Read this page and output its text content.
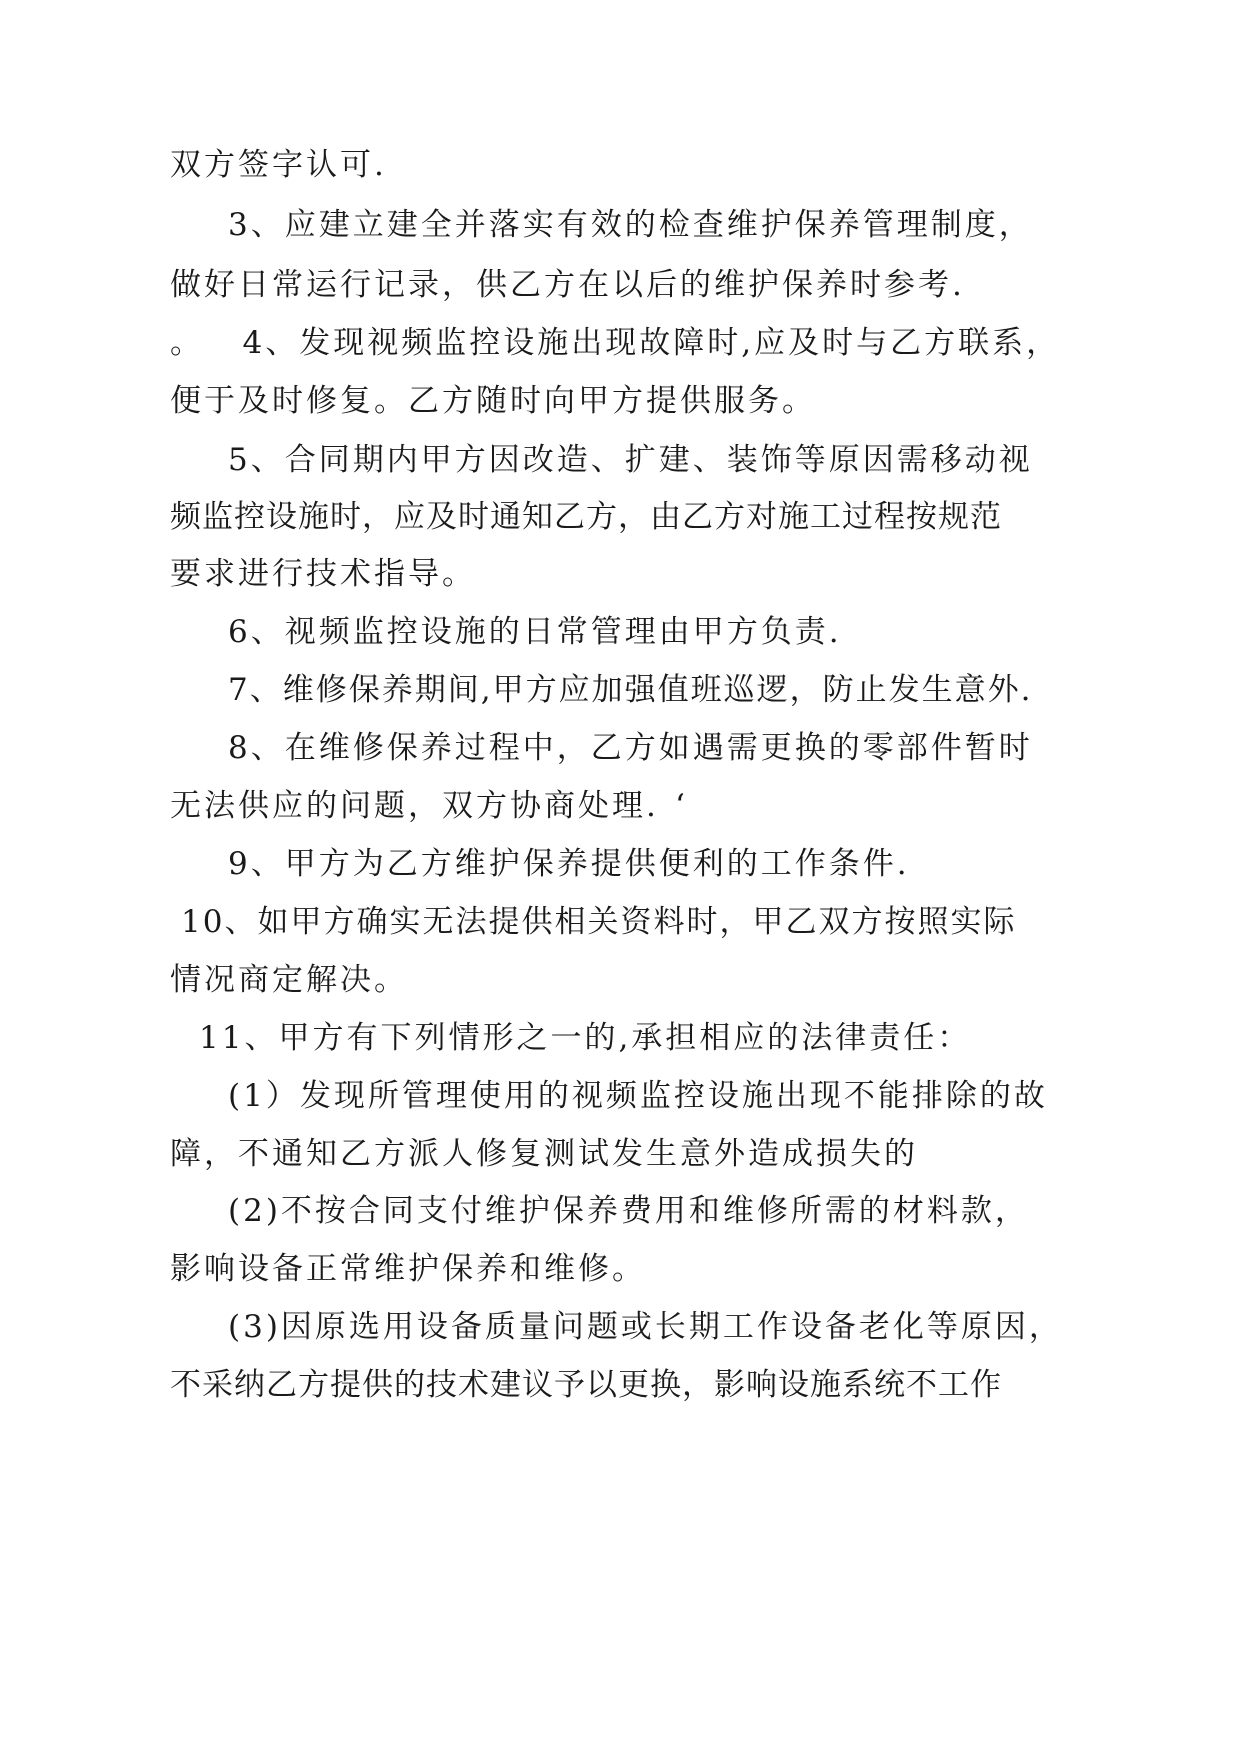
双方签字认可.

3、应建立建全并落实有效的检查维护保养管理制度，

做好日常运行记录，供乙方在以后的维护保养时参考.

。   4、发现视频监控设施出现故障时,应及时与乙方联系，

便于及时修复。乙方随时向甲方提供服务。

5、合同期内甲方因改造、扩建、装饰等原因需移动视

频监控设施时，应及时通知乙方，由乙方对施工过程按规范

要求进行技术指导。

6、视频监控设施的日常管理由甲方负责.

7、维修保养期间,甲方应加强值班巡逻，防止发生意外.

8、在维修保养过程中，乙方如遇需更换的零部件暂时

无法供应的问题，双方协商处理. ‘

9、甲方为乙方维护保养提供便利的工作条件.

10、如甲方确实无法提供相关资料时，甲乙双方按照实际

情况商定解决。

11、甲方有下列情形之一的,承担相应的法律责任：

(1）发现所管理使用的视频监控设施出现不能排除的故

障，不通知乙方派人修复测试发生意外造成损失的

(2)不按合同支付维护保养费用和维修所需的材料款，

影响设备正常维护保养和维修。

(3)因原选用设备质量问题或长期工作设备老化等原因，

不采纳乙方提供的技术建议予以更换，影响设施系统不工作
